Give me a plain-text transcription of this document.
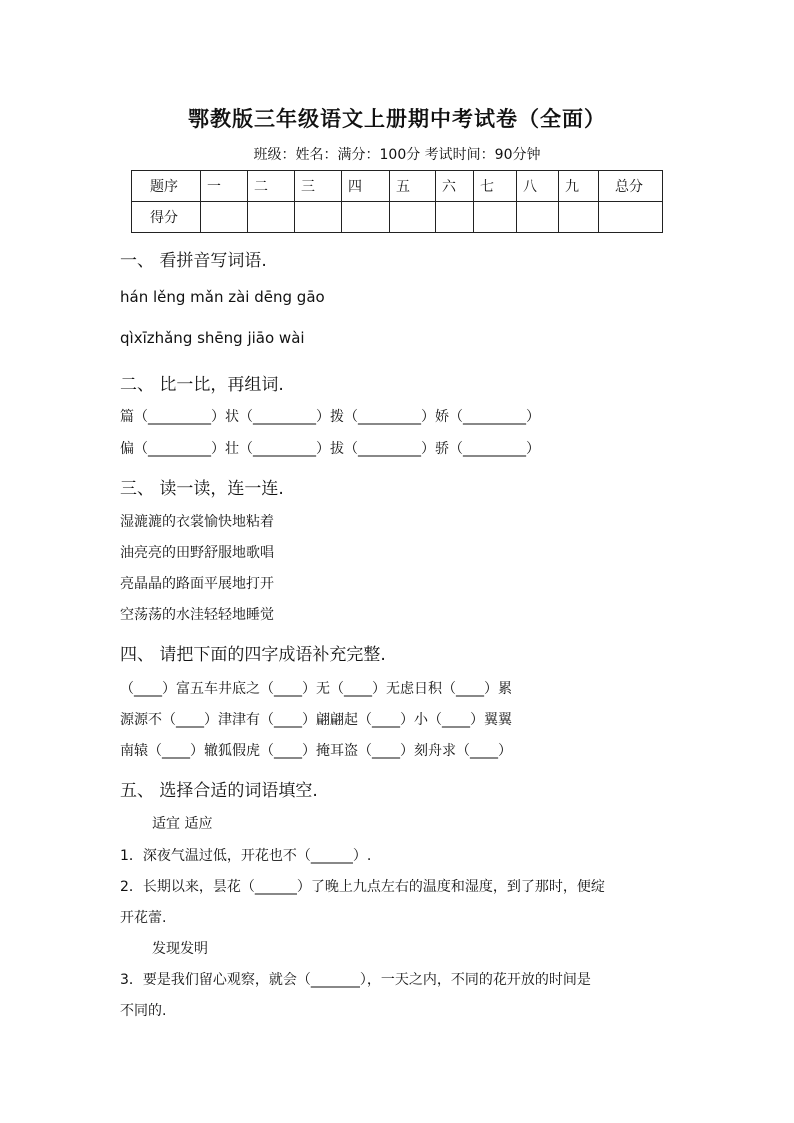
鄂教版三年级语文上册期中考试卷（全面）
班级：姓名：满分：100分 考试时间：90分钟
题序	一	二	三	四	五	六	七	八	九	总分
得分										
一、 看拼音写词语.
hán lěng mǎn zài dēng gāo
qìxīzhǎng shēng jiāo wài
二、 比一比，再组词.
篇（_________）状（_________）拨（_________）娇（_________）
偏（_________）壮（_________）拔（_________）骄（_________）
三、 读一读，连一连.
湿漉漉的衣裳愉快地粘着
油亮亮的田野舒服地歌唱
亮晶晶的路面平展地打开
空荡荡的水洼轻轻地睡觉
四、 请把下面的四字成语补充完整.
（____）富五车井底之（____）无（____）无虑日积（____）累
源源不（____）津津有（____）翩翩起（____）小（____）翼翼
南辕（____）辙狐假虎（____）掩耳盗（____）刻舟求（____）
五、 选择合适的词语填空.
适宜 适应
1．深夜气温过低，开花也不（______）.
2．长期以来，昙花（______）了晚上九点左右的温度和湿度，到了那时，便绽
开花蕾.
发现发明
3．要是我们留心观察，就会（_______），一天之内，不同的花开放的时间是
不同的.
